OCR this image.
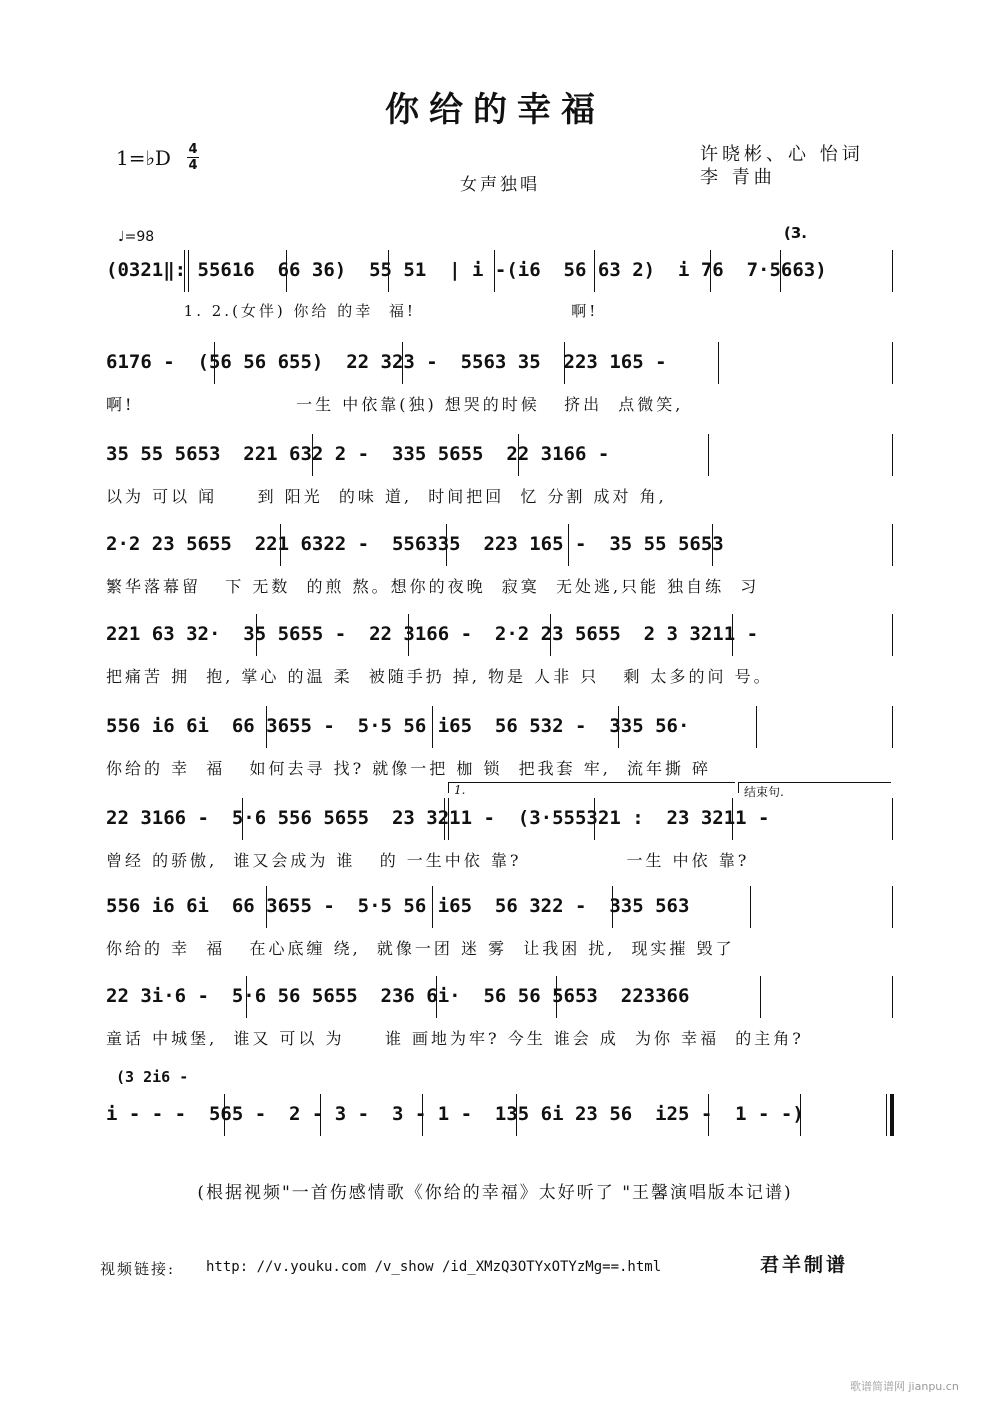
你给的幸福
1=♭D 4
4
许晓彬、心 怡词
李 青曲
女声独唱
♩=98	(3.
(0321‖: 55616  66 36)  55 51  | i -(i6  56 63 2)  i 76  7·5663)
1. 2.(女伴) 你给 的幸  福!                    啊!
6176 -  (56 56 655)  22 323 -  5563 35  223 165 -
啊!                    一生 中依靠(独) 想哭的时候   挤出  点微笑,
35 55 5653  221 632 2 -  335 5655  22 3166 -
以为 可以 闻     到 阳光  的味 道,  时间把回  忆 分割 成对 角,
2·2 23 5655  221 6322 -  556335  223 165 -  35 55 5653
繁华落幕留   下 无数  的煎 熬。想你的夜晚  寂寞  无处逃,只能 独自练  习
221 63 32·  35 5655 -  22 3166 -  2·2 23 5655  2 3 3211 -
把痛苦 拥  抱, 掌心 的温 柔  被随手扔 掉, 物是 人非 只   剩 太多的问 号。
556 i6 6i  66 3655 -  5·5 56 i65  56 532 -  335 56·
你给的 幸  福   如何去寻 找? 就像一把 枷 锁  把我套 牢,  流年撕 碎
22 3166 -  5·6 556 5655  23 3211 -  (3·555321 :  23 3211 -
曾经 的骄傲,  谁又会成为 谁   的 一生中依 靠?             一生 中依 靠?
1.	结束句.
556 i6 6i  66 3655 -  5·5 56 i65  56 322 -  335 563
你给的 幸  福   在心底缠 绕,  就像一团 迷 雾  让我困 扰,  现实摧 毁了
22 3i·6 -  5·6 56 5655  236 6i·  56 56 5653  223366
童话 中城堡,  谁又 可以 为     谁 画地为牢? 今生 谁会 成  为你 幸福  的主角?
(3 2i6 -
i - - -  565 -  2 - 3 -  3 - 1 -  135 6i 23 56  i25 -  1 - -)
(根据视频"一首伤感情歌《你给的幸福》太好听了 "王馨演唱版本记谱)
视频链接: http: //v.youku.com /v_show /id_XMzQ3OTYxOTYzMg==.html	君羊制谱
歌谱简谱网 jianpu.cn
